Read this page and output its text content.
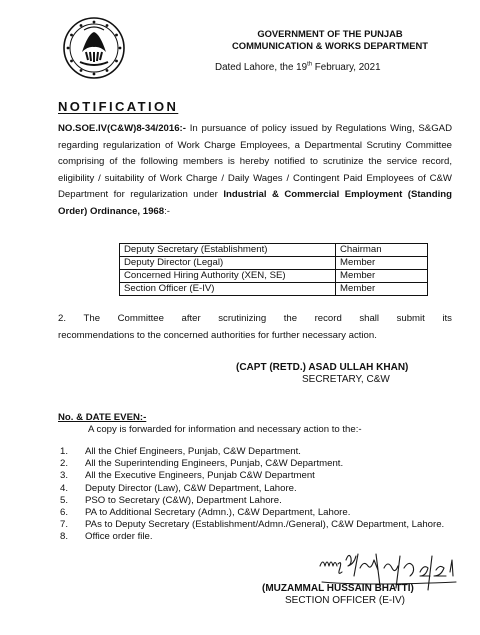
GOVERNMENT OF THE PUNJAB
COMMUNICATION & WORKS DEPARTMENT
Dated Lahore, the 19th February, 2021
NOTIFICATION
NO.SOE.IV(C&W)8-34/2016:- In pursuance of policy issued by Regulations Wing, S&GAD regarding regularization of Work Charge Employees, a Departmental Scrutiny Committee comprising of the following members is hereby notified to scrutinize the service record, eligibility / suitability of Work Charge / Daily Wages / Contingent Paid Employees of C&W Department for regularization under Industrial & Commercial Employment (Standing Order) Ordinance, 1968:-
Deputy Secretary (Establishment)	Chairman
Deputy Director (Legal)	Member
Concerned Hiring Authority (XEN, SE)	Member
Section Officer (E-IV)	Member
2. The Committee after scrutinizing the record shall submit its
recommendations to the concerned authorities for further necessary action.
(CAPT (RETD.) ASAD ULLAH KHAN)
SECRETARY, C&W
No. & DATE EVEN:-
A copy is forwarded for information and necessary action to the:-
1.	All the Chief Engineers, Punjab, C&W Department.
2.	All the Superintending Engineers, Punjab, C&W Department.
3.	All the Executive Engineers, Punjab C&W Department
4.	Deputy Director (Law), C&W Department, Lahore.
5.	PSO to Secretary (C&W), Department Lahore.
6.	PA to Additional Secretary (Admn.), C&W Department, Lahore.
7.	PAs to Deputy Secretary (Establishment/Admn./General), C&W Department, Lahore.
8.	Office order file.
(MUZAMMAL HUSSAIN BHATTI)
SECTION OFFICER (E-IV)
